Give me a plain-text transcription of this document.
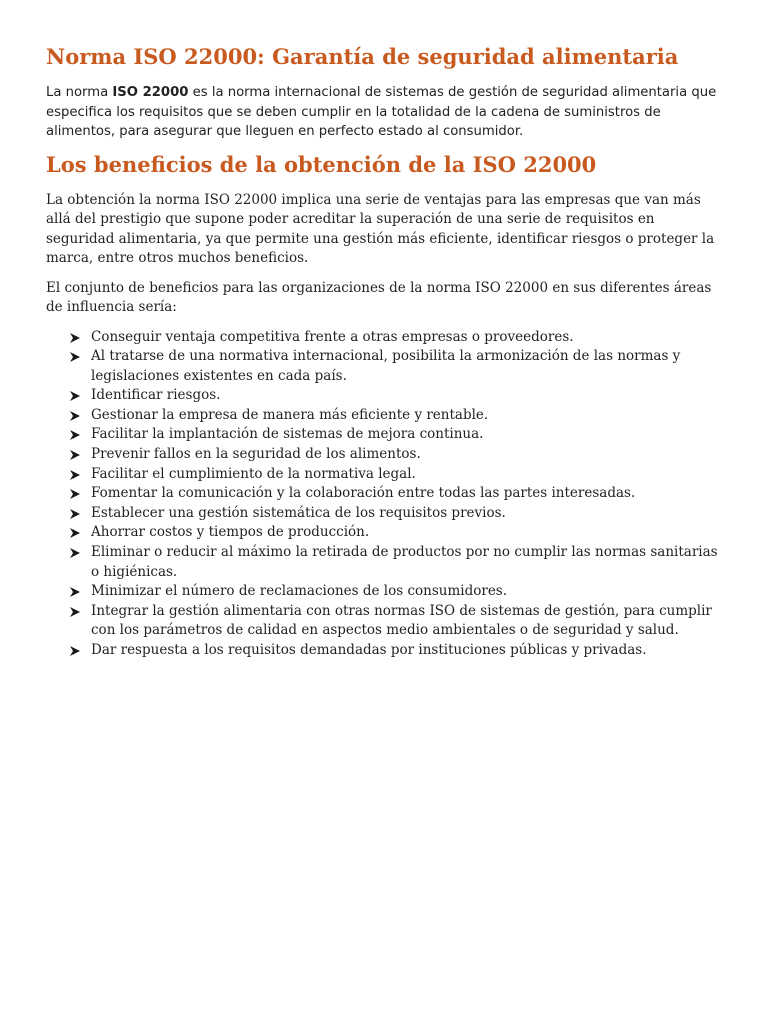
Norma ISO 22000: Garantía de seguridad alimentaria

La norma ISO 22000 es la norma internacional de sistemas de gestión de seguridad alimentaria que especifica los requisitos que se deben cumplir en la totalidad de la cadena de suministros de alimentos, para asegurar que lleguen en perfecto estado al consumidor.

Los beneficios de la obtención de la ISO 22000

La obtención la norma ISO 22000 implica una serie de ventajas para las empresas que van más allá del prestigio que supone poder acreditar la superación de una serie de requisitos en seguridad alimentaria, ya que permite una gestión más eficiente, identificar riesgos o proteger la marca, entre otros muchos beneficios.

El conjunto de beneficios para las organizaciones de la norma ISO 22000 en sus diferentes áreas de influencia sería:

Conseguir ventaja competitiva frente a otras empresas o proveedores.
Al tratarse de una normativa internacional, posibilita la armonización de las normas y legislaciones existentes en cada país.
Identificar riesgos.
Gestionar la empresa de manera más eficiente y rentable.
Facilitar la implantación de sistemas de mejora continua.
Prevenir fallos en la seguridad de los alimentos.
Facilitar el cumplimiento de la normativa legal.
Fomentar la comunicación y la colaboración entre todas las partes interesadas.
Establecer una gestión sistemática de los requisitos previos.
Ahorrar costos y tiempos de producción.
Eliminar o reducir al máximo la retirada de productos por no cumplir las normas sanitarias o higiénicas.
Minimizar el número de reclamaciones de los consumidores.
Integrar la gestión alimentaria con otras normas ISO de sistemas de gestión, para cumplir con los parámetros de calidad en aspectos medio ambientales o de seguridad y salud.
Dar respuesta a los requisitos demandadas por instituciones públicas y privadas.
